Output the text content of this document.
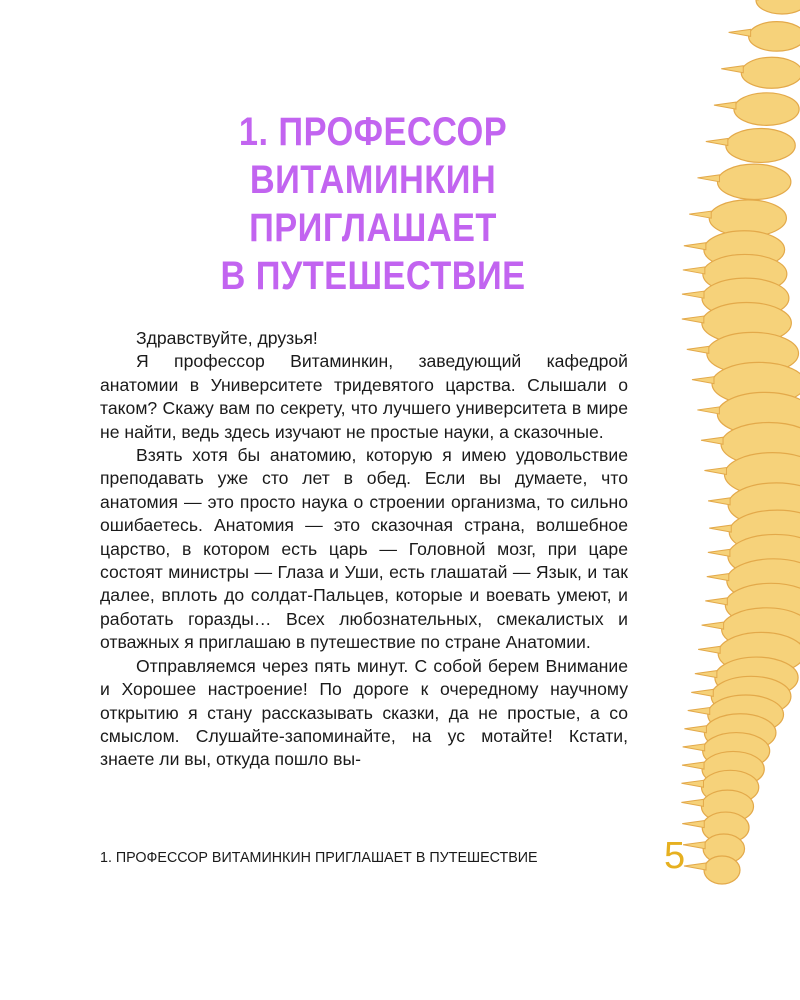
1. ПРОФЕССОР
ВИТАМИНКИН
ПРИГЛАШАЕТ
В ПУТЕШЕСТВИЕ

Здравствуйте, друзья!

Я профессор Витаминкин, заведующий кафедрой анатомии в Университете тридевятого царства. Слышали о таком? Скажу вам по секрету, что лучшего университета в мире не найти, ведь здесь изучают не простые науки, а сказочные.

Взять хотя бы анатомию, которую я имею удовольствие преподавать уже сто лет в обед. Если вы думаете, что анатомия — это просто наука о строении организма, то сильно ошибаетесь. Анатомия — это сказочная страна, волшебное царство, в котором есть царь — Головной мозг, при царе состоят министры — Глаза и Уши, есть глашатай — Язык, и так далее, вплоть до солдат-Пальцев, которые и воевать умеют, и работать горазды… Всех любознательных, смекалистых и отважных я приглашаю в путешествие по стране Анатомии.

Отправляемся через пять минут. С собой берем Внимание и Хорошее настроение! По дороге к очередному научному открытию я стану рассказывать сказки, да не простые, а со смыслом. Слушайте-запоминайте, на ус мотайте! Кстати, знаете ли вы, откуда пошло вы-

1. ПРОФЕССОР ВИТАМИНКИН ПРИГЛАШАЕТ В ПУТЕШЕСТВИЕ	5
